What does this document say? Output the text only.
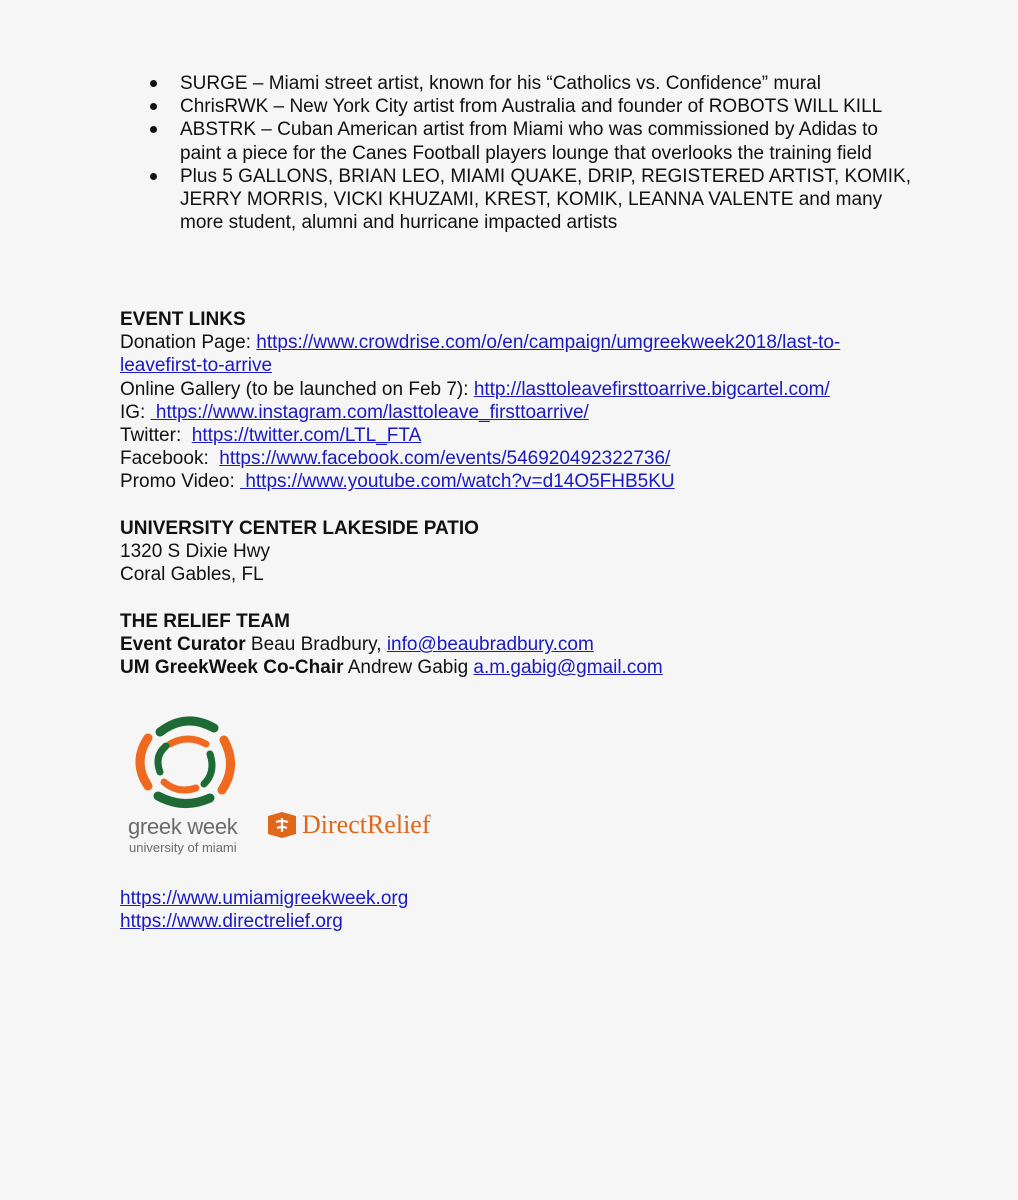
SURGE – Miami street artist, known for his “Catholics vs. Confidence” mural
ChrisRWK – New York City artist from Australia and founder of ROBOTS WILL KILL
ABSTRK – Cuban American artist from Miami who was commissioned by Adidas to paint a piece for the Canes Football players lounge that overlooks the training field
Plus 5 GALLONS, BRIAN LEO, MIAMI QUAKE, DRIP, REGISTERED ARTIST, KOMIK, JERRY MORRIS, VICKI KHUZAMI, KREST, KOMIK, LEANNA VALENTE and many more student, alumni and hurricane impacted artists
EVENT LINKS
Donation Page: https://www.crowdrise.com/o/en/campaign/umgreekweek2018/last-to-
leavefirst-to-arrive
Online Gallery (to be launched on Feb 7): http://lasttoleavefirsttoarrive.bigcartel.com/
IG:  https://www.instagram.com/lasttoleave_firsttoarrive/
Twitter:  https://twitter.com/LTL_FTA
Facebook:  https://www.facebook.com/events/546920492322736/
Promo Video:  https://www.youtube.com/watch?v=d14O5FHB5KU
UNIVERSITY CENTER LAKESIDE PATIO
1320 S Dixie Hwy
Coral Gables, FL
THE RELIEF TEAM
Event Curator Beau Bradbury, info@beaubradbury.com
UM GreekWeek Co-Chair Andrew Gabig a.m.gabig@gmail.com
greek week
university of miami
DirectRelief
https://www.umiamigreekweek.org
https://www.directrelief.org
